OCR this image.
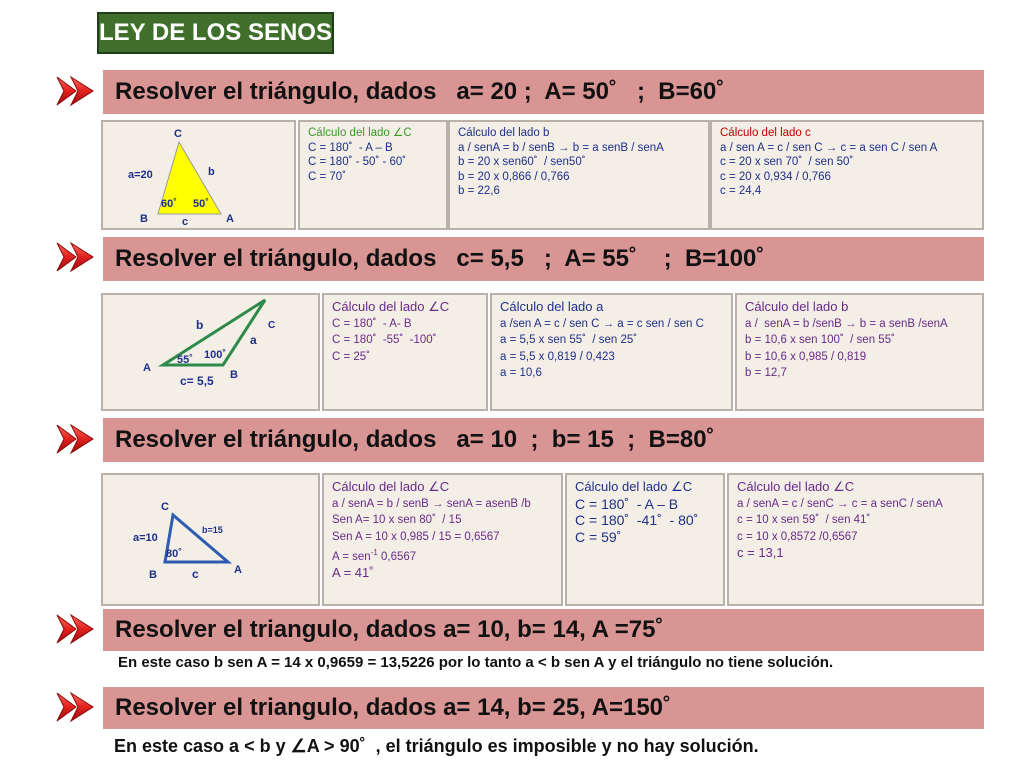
LEY DE LOS SENOS
Resolver el triángulo, dados   a= 20 ;  A= 50˚   ;  B=60˚
C
a=20	b
60˚ 50˚
B	c	A
Cálculo del lado ∠C
C = 180˚  - A – B
C = 180˚ - 50˚ - 60˚
C = 70˚
Cálculo del lado b
a / senA = b / senB → b = a senB / senA
b = 20 x sen60˚  / sen50˚
b = 20 x 0,866 / 0,766
b = 22,6
Cálculo del lado c
a / sen A = c / sen C → c = a sen C / sen A
c = 20 x sen 70˚  / sen 50˚
c = 20 x 0,934 / 0,766
c = 24,4
Resolver el triángulo, dados   c= 5,5   ;  A= 55˚    ;  B=100˚
b	C
a
55˚ 100˚
A
c= 5,5 B
Cálculo del lado ∠C
C = 180˚  - A- B
C = 180˚  -55˚  -100˚
C = 25˚
Cálculo del lado a
a /sen A = c / sen C → a = c sen / sen C
a = 5,5 x sen 55˚  / sen 25˚
a = 5,5 x 0,819 / 0,423
a = 10,6
Cálculo del lado b
a /  senA = b /senB → b = a senB /senA
b = 10,6 x sen 100˚  / sen 55˚
b = 10,6 x 0,985 / 0,819
b = 12,7
Resolver el triángulo, dados   a= 10  ;  b= 15  ;  B=80˚
C
a=10
b=15
80˚
B	c	A
Cálculo del lado ∠C
a / senA = b / senB → senA = asenB /b
Sen A= 10 x sen 80˚  / 15
Sen A = 10 x 0,985 / 15 = 0,6567
A = sen$^{-1}$ 0,6567
A = 41˚
Cálculo del lado ∠C
C = 180˚  - A – B
C = 180˚  -41˚  - 80˚
C = 59˚
Cálculo del lado ∠C
a / senA = c / senC → c = a senC / senA
c = 10 x sen 59˚  / sen 41˚
c = 10 x 0,8572 /0,6567
c = 13,1
Resolver el triangulo, dados a= 10, b= 14, A =75˚
En este caso b sen A = 14 x 0,9659 = 13,5226 por lo tanto a < b sen A y el triángulo no tiene solución.
Resolver el triangulo, dados a= 14, b= 25, A=150˚
En este caso a < b y ∠A > 90˚  , el triángulo es imposible y no hay solución.
